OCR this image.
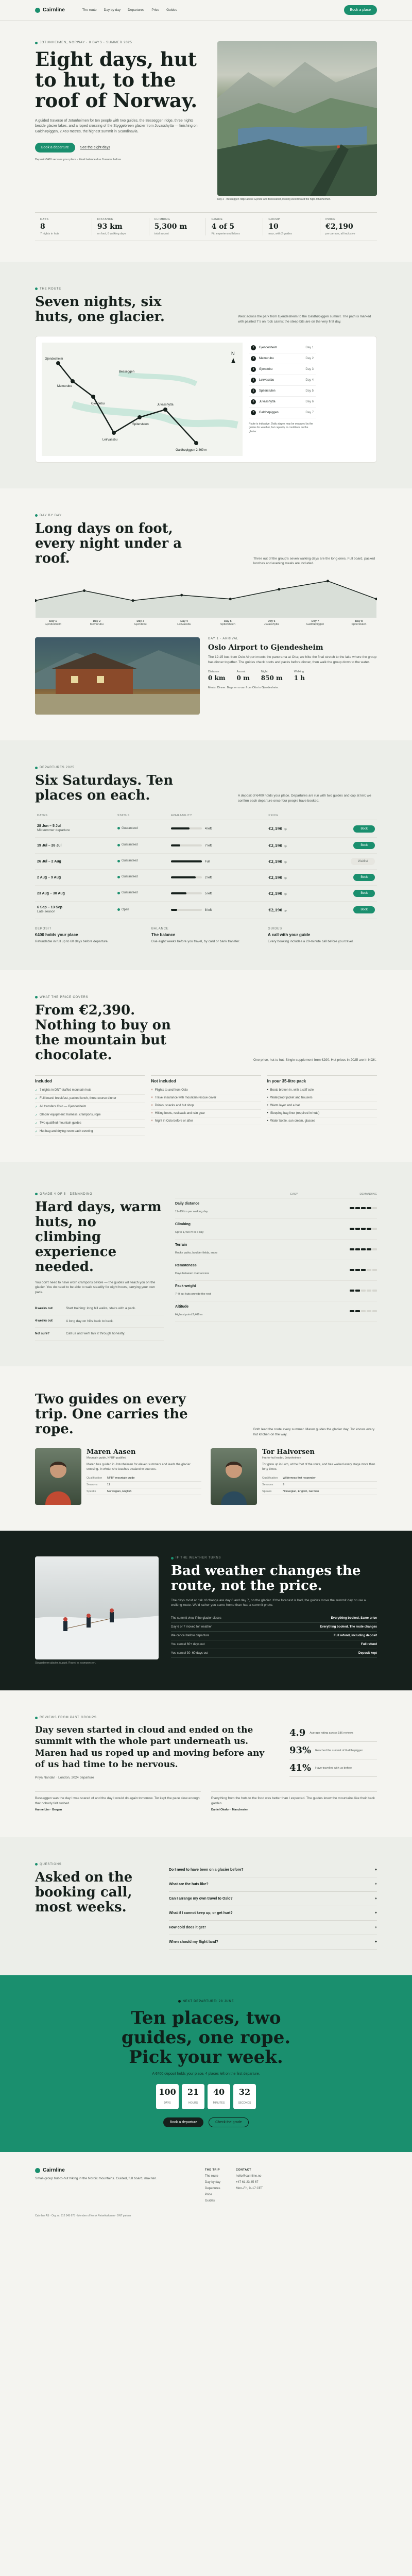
Cairnline	The route Day by day Departures Price Guides	Book a place
JOTUNHEIMEN, NORWAY · 8 DAYS · SUMMER 2025
Eight days, hut to hut, to the roof of Norway.

A guided traverse of Jotunheimen for ten people with two guides, the Besseggen ridge, three nights beside glacier lakes, and a roped crossing of the Styggebreen glacier from Juvasshytta — finishing on Galdhøpiggen, 2,469 metres, the highest summit in Scandinavia.

Book a departure	See the eight days

Deposit €400 secures your place · Final balance due 8 weeks before

Day 2 · Besseggen ridge above Gjende and Bessvatnet, looking west toward the high Jotunheimen.

DAYS
8
7 nights in huts
DISTANCE
93 km
on foot, 6 walking days
CLIMBING
5,300 m
total ascent
GRADE
4 of 5
Fit, experienced hikers
GROUP
10
max, with 2 guides
PRICE
€2,190
per person, all inclusive
THE ROUTE
Seven nights, six huts, one glacier.	West across the park from Gjendesheim to the Galdhøpiggen summit. The path is marked with painted T's on rock cairns; the steep bits are on the very first day.

Gjendesheim
Memurubu
Gjendebu
Leirvassbu
Spiterstulen
Juvasshytta
Galdhøpiggen 2,469 m
Besseggen
N
1	Gjendesheim	Day 1
2	Memurubu	Day 2
3	Gjendebu	Day 3
4	Leirvassbu	Day 4
5	Spiterstulen	Day 5
6	Juvasshytta	Day 6
7	Galdhøpiggen	Day 7

Route is indicative. Daily stages may be swapped by the guides for weather, hut capacity or conditions on the glacier.

DAY BY DAY
Long days on foot, every night under a roof.	Three out of the group's seven walking days are the long ones. Full board, packed lunches and evening meals are included.

Day 1
Gjendesheim
Day 2
Memurubu
Day 3
Gjendebu
Day 4
Leirvassbu
Day 5
Spiterstulen
Day 6
Juvasshytta
Day 7
Galdhøpiggen
Day 8
Spiterstulen
DAY 1 · ARRIVAL
Oslo Airport to Gjendesheim

The 12:15 bus from Oslo Airport meets the panorama at Otta; we hike the final stretch to the lake where the group has dinner together. The guides check boots and packs before dinner, then walk the group down to the water.

Distance
0 km
Ascent
0 m
Night
850 m
Walking
1 h

Meals: Dinner. Bags on a van from Otta to Gjendesheim.

DEPARTURES 2025
Six Saturdays. Ten places on each.	A deposit of €400 holds your place. Departures are run with two guides and cap at ten; we confirm each departure once four people have booked.

DATES	STATUS	AVAILABILITY	PRICE	
28 Jun – 5 Jul
Midsummer departure	Guaranteed	4 left	€2,190 pp	Book
19 Jul – 26 Jul	Guaranteed	7 left	€2,190 pp	Book
26 Jul – 2 Aug	Guaranteed	Full	€2,190 pp	Waitlist
2 Aug – 9 Aug	Guaranteed	2 left	€2,190 pp	Book
23 Aug – 30 Aug	Guaranteed	5 left	€2,190 pp	Book
6 Sep – 13 Sep
Late season	Open	8 left	€2,190 pp	Book
DEPOSIT
€400 holds your place

Refundable in full up to 60 days before departure.

BALANCE
The balance

Due eight weeks before you travel, by card or bank transfer.

GUIDES
A call with your guide

Every booking includes a 20-minute call before you travel.

WHAT THE PRICE COVERS
From €2,390. Nothing to buy on the mountain but chocolate.	One price, hut to hut. Single supplement from €290. Hut prices in 2025 are in NOK.

Included
✓ 7 nights in DNT-staffed mountain huts
✓ Full board: breakfast, packed lunch, three-course dinner
✓ All transfers Oslo — Gjendesheim
✓ Glacier equipment: harness, crampons, rope
✓ Two qualified mountain guides
✓ Hut bag and drying room each evening
Not included
× Flights to and from Oslo
× Travel insurance with mountain rescue cover
× Drinks, snacks and hut shop
× Hiking boots, rucksack and rain gear
× Night in Oslo before or after
In your 35-litre pack
• Boots broken in, with a stiff sole
• Waterproof jacket and trousers
• Warm layer and a hat
• Sleeping-bag liner (required in huts)
• Water bottle, sun cream, glasses
GRADE 4 OF 5 · DEMANDING
Hard days, warm huts, no climbing experience needed.

You don't need to have worn crampons before — the guides will teach you on the glacier. You do need to be able to walk steadily for eight hours, carrying your own pack.

8 weeks out	Start training: long hill walks, stairs with a pack.
4 weeks out	A long day on hills back to back.
Not sure?	Call us and we'll talk it through honestly.
EASY	DEMANDING
Daily distance
11–19 km per walking day
Climbing
Up to 1,400 m in a day
Terrain
Rocky paths, boulder fields, snow
Remoteness
Days between road access
Pack weight
7–9 kg; huts provide the rest
Altitude
Highest point 2,469 m
Two guides on every trip. One carries the rope.	Both lead the route every summer. Maren guides the glacier day; Tor knows every hut kitchen on the way.

Maren Aasen
Mountain guide, NFBF qualified

Maren has guided in Jotunheimen for eleven summers and leads the glacier crossing. In winter she teaches avalanche courses.

Qualification	NFBF mountain guide
Seasons	11
Speaks	Norwegian, English
Tor Halvorsen
Hut-to-hut leader, Jotunheimen

Tor grew up in Lom, at the foot of the route, and has walked every stage more than forty times.

Qualification	Wilderness first responder
Seasons	9
Speaks	Norwegian, English, German

Styggebreen glacier, August. Roped in, crampons on.

IF THE WEATHER TURNS
Bad weather changes the route, not the price.

The days most at risk of change are day 6 and day 7, on the glacier. If the forecast is bad, the guides move the summit day or use a walking route. We'd rather you came home than had a summit photo.

The summit view if the glacier closes	Everything booked. Same price
Day 6 or 7 moved for weather	Everything booked. The route changes
We cancel before departure	Full refund, including deposit
You cancel 60+ days out	Full refund
You cancel 30–60 days out	Deposit kept
REVIEWS FROM PAST GROUPS

Day seven started in cloud and ended on the summit with the whole part underneath us. Maren had us roped up and moving before any of us had time to be nervous.

Priya Nandan · London, 2024 departure

4.9 Average rating across 186 reviews
93% Reached the summit of Galdhøpiggen
41% Have travelled with us before

Besseggen was the day I was scared of and the day I would do again tomorrow. Tor kept the pace slow enough that nobody felt rushed.

Hanne Lier · Bergen

Everything from the huts to the food was better than I expected. The guides knew the mountains like their back garden.

Daniel Okafor · Manchester
QUESTIONS
Asked on the booking call, most weeks.
Do I need to have been on a glacier before?	+
What are the huts like?	+
Can I arrange my own travel to Oslo?	+
What if I cannot keep up, or get hurt?	+
How cold does it get?	+
When should my flight land?	+
NEXT DEPARTURE: 28 JUNE
Ten places, two guides, one rope. Pick your week.

A €400 deposit holds your place. 4 places left on the first departure.

100
DAYS
21
HOURS
40
MINUTES
32
SECONDS
Book a departure	Check the grade
Cairnline

Small-group hut-to-hut hiking in the Nordic mountains. Guided, full board, max ten.

THE TRIP
The route
Day by day
Departures
Price
Guides
CONTACT
hello@cairnline.no
+47 61 23 45 67
Mon–Fri, 9–17 CET
Cairnline AS · Org. nr. 912 345 678 · Member of Norsk Reiselivsforum · DNT partner
